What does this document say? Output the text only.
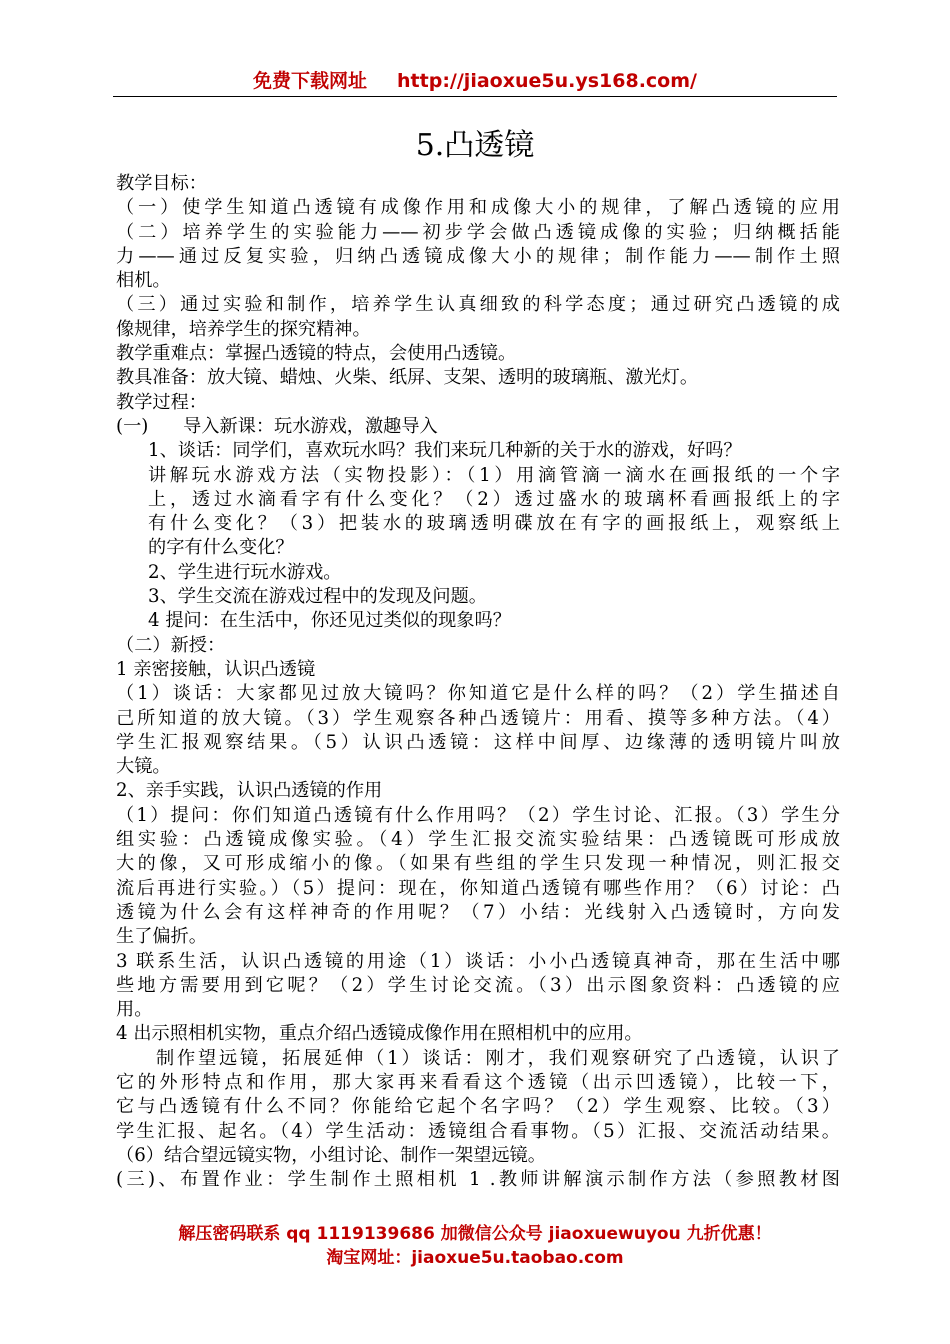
免费下载网址 http://jiaoxue5u.ys168.com/
5.凸透镜
教学目标：
（一）使学生知道凸透镜有成像作用和成像大小的规律，了解凸透镜的应用
（二）培养学生的实验能力——初步学会做凸透镜成像的实验；归纳概括能
力——通过反复实验，归纳凸透镜成像大小的规律；制作能力——制作土照
相机。
（三）通过实验和制作，培养学生认真细致的科学态度；通过研究凸透镜的成
像规律，培养学生的探究精神。
教学重难点：掌握凸透镜的特点，会使用凸透镜。
教具准备：放大镜、蜡烛、火柴、纸屏、支架、透明的玻璃瓶、激光灯。
教学过程：
(一)      导入新课：玩水游戏，激趣导入
1、谈话：同学们，喜欢玩水吗？我们来玩几种新的关于水的游戏，好吗？
讲解玩水游戏方法（实物投影）：（1）用滴管滴一滴水在画报纸的一个字
上，透过水滴看字有什么变化？（2）透过盛水的玻璃杯看画报纸上的字
有什么变化？（3）把装水的玻璃透明碟放在有字的画报纸上，观察纸上
的字有什么变化？
2、学生进行玩水游戏。
3、学生交流在游戏过程中的发现及问题。
4 提问：在生活中，你还见过类似的现象吗？
（二）新授：
1 亲密接触，认识凸透镜
（1）谈话：大家都见过放大镜吗？你知道它是什么样的吗？（2）学生描述自
己所知道的放大镜。（3）学生观察各种凸透镜片：用看、摸等多种方法。（4）
学生汇报观察结果。（5）认识凸透镜：这样中间厚、边缘薄的透明镜片叫放
大镜。
2、亲手实践，认识凸透镜的作用
（1）提问：你们知道凸透镜有什么作用吗？（2）学生讨论、汇报。（3）学生分
组实验：凸透镜成像实验。（4）学生汇报交流实验结果：凸透镜既可形成放
大的像，又可形成缩小的像。（如果有些组的学生只发现一种情况，则汇报交
流后再进行实验。）（5）提问：现在，你知道凸透镜有哪些作用？（6）讨论：凸
透镜为什么会有这样神奇的作用呢？（7）小结：光线射入凸透镜时，方向发
生了偏折。
3 联系生活，认识凸透镜的用途（1）谈话：小小凸透镜真神奇，那在生活中哪
些地方需要用到它呢？（2）学生讨论交流。（3）出示图象资料：凸透镜的应
用。
4 出示照相机实物，重点介绍凸透镜成像作用在照相机中的应用。
制作望远镜，拓展延伸（1）谈话：刚才，我们观察研究了凸透镜，认识了
它的外形特点和作用，那大家再来看看这个透镜（出示凹透镜），比较一下，
它与凸透镜有什么不同？你能给它起个名字吗？（2）学生观察、比较。（3）
学生汇报、起名。（4）学生活动：透镜组合看事物。（5）汇报、交流活动结果。
（6）结合望远镜实物，小组讨论、制作一架望远镜。
(三)、布置作业：学生制作土照相机 1 .教师讲解演示制作方法（参照教材图
解压密码联系 qq 1119139686 加微信公众号 jiaoxuewuyou 九折优惠！
淘宝网址：jiaoxue5u.taobao.com
